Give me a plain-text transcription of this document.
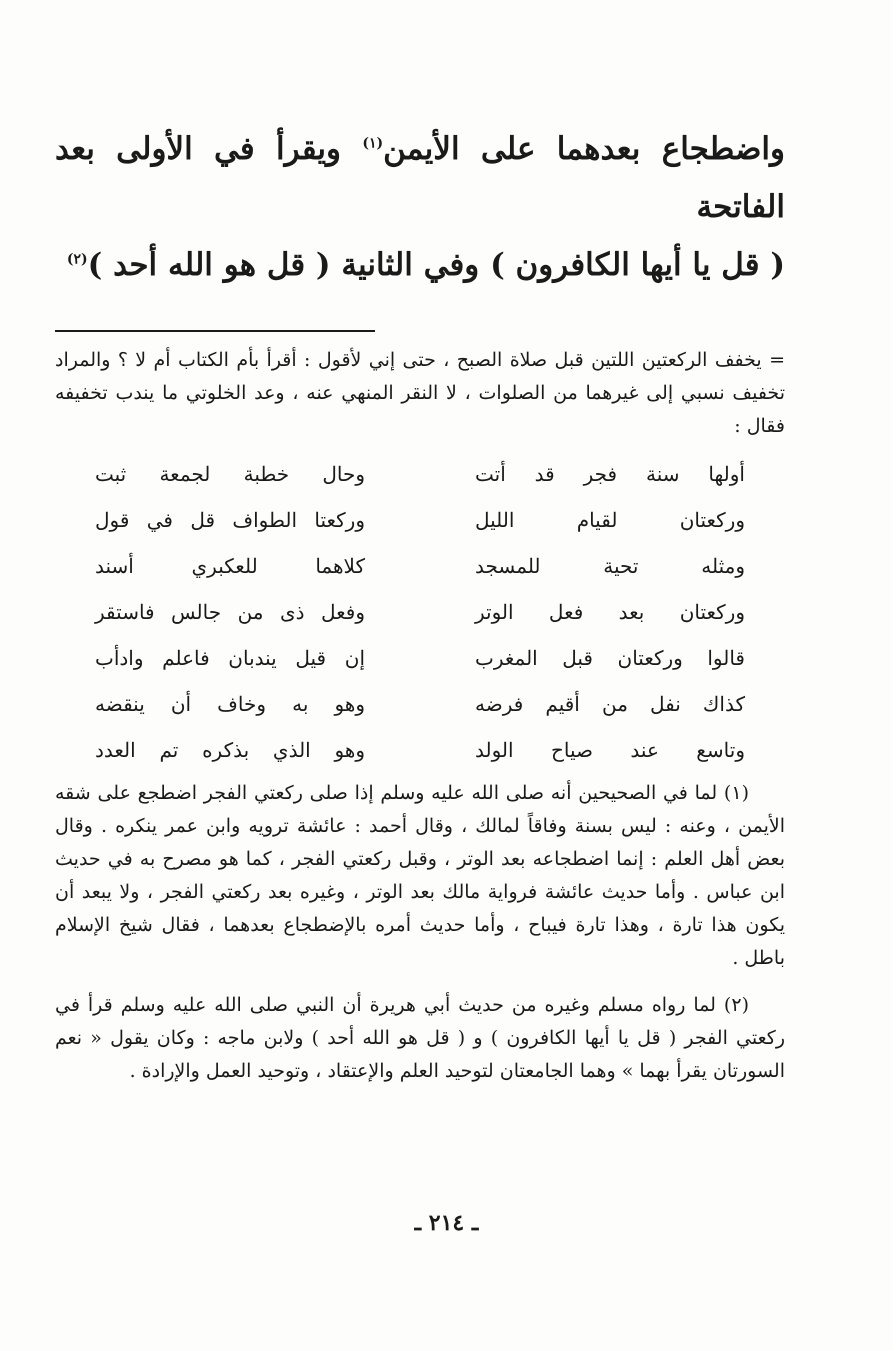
واضطجاع بعدهما على الأيمن$^{(١)}$ ويقرأ في الأولى بعد الفاتحة

( قل يا أيها الكافرون ) وفي الثانية ( قل هو الله أحد )$^{(٢)}$

= يخفف الركعتين اللتين قبل صلاة الصبح ، حتى إني لأقول : أقرأ بأم الكتاب أم لا ؟ والمراد تخفيف نسبي إلى غيرهما من الصلوات ، لا النقر المنهي عنه ، وعد الخلوتي ما يندب تخفيفه فقال :

أولها سنة فجر قد أتت
وحال خطبة لجمعة ثبت
وركعتان لقيام الليل
وركعتا الطواف قل في قول
ومثله تحية للمسجد
كلاهما للعكبري أسند
وركعتان بعد فعل الوتر
وفعل ذى من جالس فاستقر
قالوا وركعتان قبل المغرب
إن قيل يندبان فاعلم وادأب
كذاك نفل من أقيم فرضه
وهو به وخاف أن ينقضه
وتاسع عند صياح الولد
وهو الذي بذكره تم العدد

(١) لما في الصحيحين أنه صلى الله عليه وسلم إذا صلى ركعتي الفجر اضطجع على شقه الأيمن ، وعنه : ليس بسنة وفاقاً لمالك ، وقال أحمد : عائشة ترويه وابن عمر ينكره . وقال بعض أهل العلم : إنما اضطجاعه بعد الوتر ، وقبل ركعتي الفجر ، كما هو مصرح به في حديث ابن عباس . وأما حديث عائشة فرواية مالك بعد الوتر ، وغيره بعد ركعتي الفجر ، ولا يبعد أن يكون هذا تارة ، وهذا تارة فيباح ، وأما حديث أمره بالإضطجاع بعدهما ، فقال شيخ الإسلام باطل .

(٢) لما رواه مسلم وغيره من حديث أبي هريرة أن النبي صلى الله عليه وسلم قرأ في ركعتي الفجر ( قل يا أيها الكافرون ) و ( قل هو الله أحد ) ولابن ماجه : وكان يقول « نعم السورتان يقرأ بهما » وهما الجامعتان لتوحيد العلم والإعتقاد ، وتوحيد العمل والإرادة .

ـ ٢١٤ ـ
